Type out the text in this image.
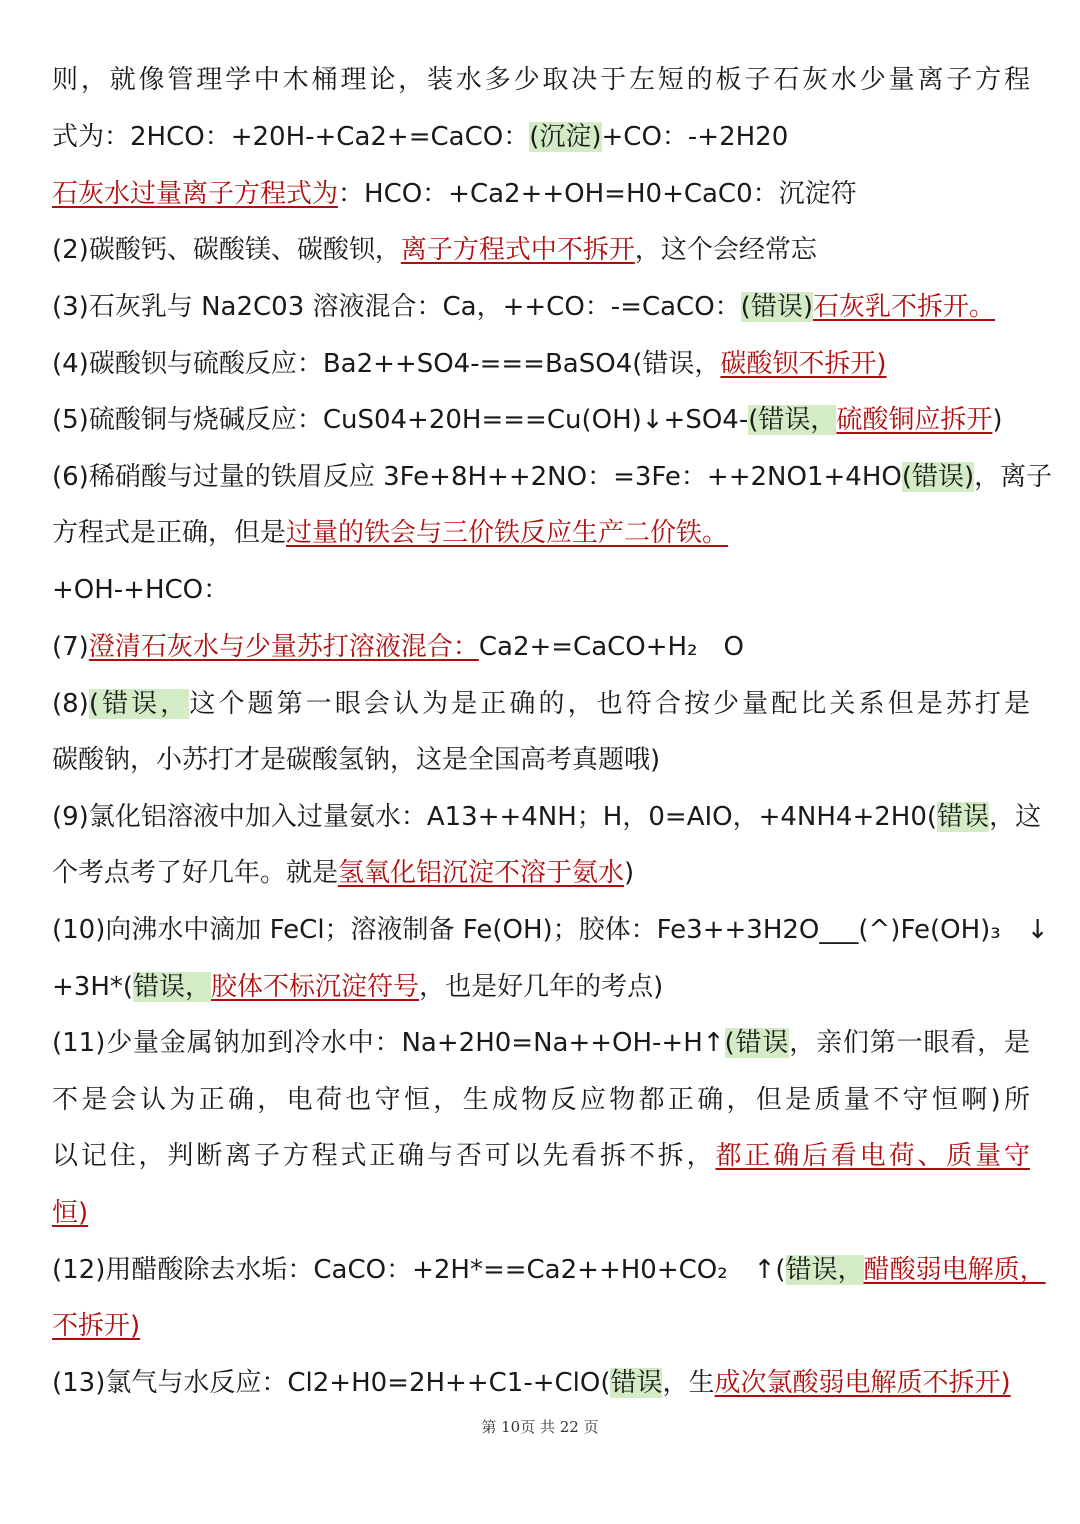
则，就像管理学中木桶理论，装水多少取决于左短的板子石灰水少量离子方程
式为：2HCO：+20H-+Ca2+=CaCO：(沉淀)+CO：-+2H20
石灰水过量离子方程式为：HCO：+Ca2++OH=H0+CaC0：沉淀符
(2)碳酸钙、碳酸镁、碳酸钡，离子方程式中不拆开，这个会经常忘
(3)石灰乳与 Na2C03 溶液混合：Ca，++CO：-=CaCO：(错误)石灰乳不拆开。
(4)碳酸钡与硫酸反应：Ba2++SO4-===BaSO4(错误，碳酸钡不拆开)
(5)硫酸铜与烧碱反应：CuS04+20H===Cu(OH)↓+SO4-(错误，硫酸铜应拆开)
(6)稀硝酸与过量的铁眉反应 3Fe+8H++2NO：=3Fe：++2NO1+4HO(错误)，离子
方程式是正确，但是过量的铁会与三价铁反应生产二价铁。
+OH-+HCO：
(7)澄清石灰水与少量苏打溶液混合：Ca2+=CaCO+H₂　O
(8)(错误，这个题第一眼会认为是正确的，也符合按少量配比关系但是苏打是
碳酸钠，小苏打才是碳酸氢钠，这是全国高考真题哦)
(9)氯化铝溶液中加入过量氨水：A13++4NH；H，0=AIO，+4NH4+2H0(错误，这
个考点考了好几年。就是氢氧化铝沉淀不溶于氨水)
(10)向沸水中滴加 FeCl；溶液制备 Fe(OH)；胶体：Fe3++3H2O___(^)Fe(OH)₃　↓
+3H*(错误，胶体不标沉淀符号，也是好几年的考点)
(11)少量金属钠加到冷水中：Na+2H0=Na++OH-+H↑(错误，亲们第一眼看，是
不是会认为正确，电荷也守恒，生成物反应物都正确，但是质量不守恒啊)所
以记住，判断离子方程式正确与否可以先看拆不拆，都正确后看电荷、质量守
恒)
(12)用醋酸除去水垢：CaCO：+2H*==Ca2++H0+CO₂　↑(错误，醋酸弱电解质，
不拆开)
(13)氯气与水反应：Cl2+H0=2H++C1-+ClO(错误，生成次氯酸弱电解质不拆开)
第 10页 共 22 页
